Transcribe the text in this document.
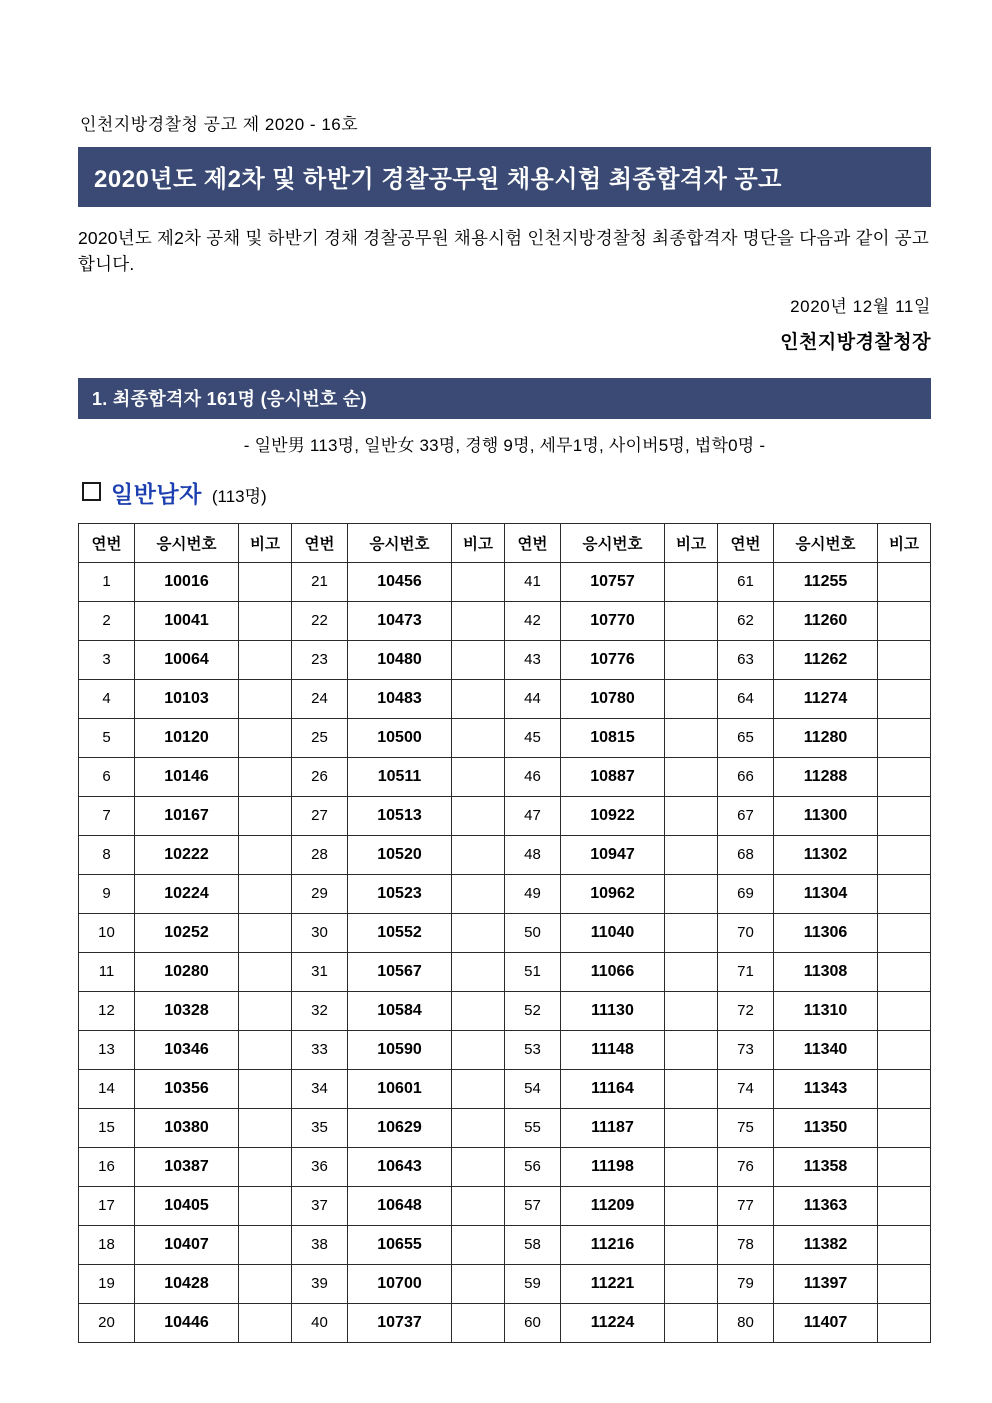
인천지방경찰청 공고 제 2020 - 16호
2020년도 제2차 및 하반기 경찰공무원 채용시험 최종합격자 공고
2020년도 제2차 공채 및 하반기 경채 경찰공무원 채용시험 인천지방경찰청 최종합격자 명단을 다음과 같이 공고합니다.
2020년 12월 11일
인천지방경찰청장
1. 최종합격자 161명 (응시번호 순)
- 일반男 113명, 일반女 33명, 경행 9명, 세무1명, 사이버5명, 법학0명 -
일반남자 (113명)
연번	응시번호	비고	연번	응시번호	비고	연번	응시번호	비고	연번	응시번호	비고
1	10016		21	10456		41	10757		61	11255	
2	10041		22	10473		42	10770		62	11260	
3	10064		23	10480		43	10776		63	11262	
4	10103		24	10483		44	10780		64	11274	
5	10120		25	10500		45	10815		65	11280	
6	10146		26	10511		46	10887		66	11288	
7	10167		27	10513		47	10922		67	11300	
8	10222		28	10520		48	10947		68	11302	
9	10224		29	10523		49	10962		69	11304	
10	10252		30	10552		50	11040		70	11306	
11	10280		31	10567		51	11066		71	11308	
12	10328		32	10584		52	11130		72	11310	
13	10346		33	10590		53	11148		73	11340	
14	10356		34	10601		54	11164		74	11343	
15	10380		35	10629		55	11187		75	11350	
16	10387		36	10643		56	11198		76	11358	
17	10405		37	10648		57	11209		77	11363	
18	10407		38	10655		58	11216		78	11382	
19	10428		39	10700		59	11221		79	11397	
20	10446		40	10737		60	11224		80	11407	
